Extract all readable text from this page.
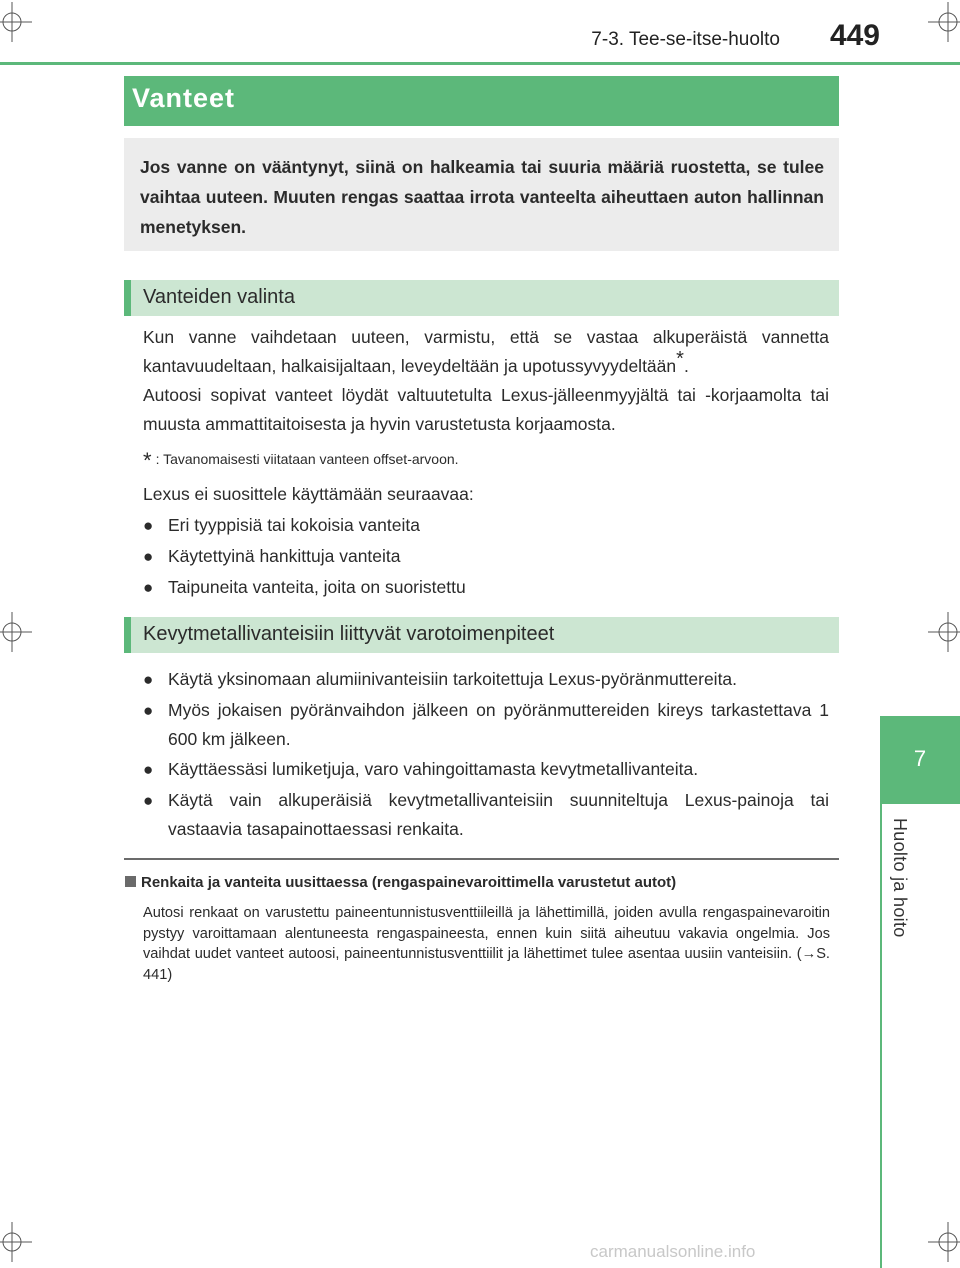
7-3. Tee-se-itse-huolto	449
7
Huolto ja hoito
Vanteet
Jos vanne on vääntynyt, siinä on halkeamia tai suuria määriä ruostetta, se tulee vaihtaa uuteen. Muuten rengas saattaa irrota vanteelta aiheuttaen auton hallinnan menetyksen.
Vanteiden valinta
Kun vanne vaihdetaan uuteen, varmistu, että se vastaa alkuperäistä vannetta kantavuudeltaan, halkaisijaltaan, leveydeltään ja upotussyvyydeltään*.
Autoosi sopivat vanteet löydät valtuutetulta Lexus-jälleenmyyjältä tai -korjaamolta tai muusta ammattitaitoisesta ja hyvin varustetusta korjaamosta.
* : Tavanomaisesti viitataan vanteen offset-arvoon.
Lexus ei suosittele käyttämään seuraavaa:
● Eri tyyppisiä tai kokoisia vanteita
● Käytettyinä hankittuja vanteita
● Taipuneita vanteita, joita on suoristettu
Kevytmetallivanteisiin liittyvät varotoimenpiteet
● Käytä yksinomaan alumiinivanteisiin tarkoitettuja Lexus-pyöränmuttereita.
● Myös jokaisen pyöränvaihdon jälkeen on pyöränmuttereiden kireys tarkastettava 1 600 km jälkeen.
● Käyttäessäsi lumiketjuja, varo vahingoittamasta kevytmetallivanteita.
● Käytä vain alkuperäisiä kevytmetallivanteisiin suunniteltuja Lexus-painoja tai vastaavia tasapainottaessasi renkaita.
Renkaita ja vanteita uusittaessa (rengaspainevaroittimella varustetut autot)
Autosi renkaat on varustettu paineentunnistusventtiileillä ja lähettimillä, joiden avulla rengaspainevaroitin pystyy varoittamaan alentuneesta rengaspaineesta, ennen kuin siitä aiheutuu vakavia ongelmia. Jos vaihdat uudet vanteet autoosi, paineentunnistusventtiilit ja lähettimet tulee asentaa uusiin vanteisiin. (→S. 441)
carmanualsonline.info
